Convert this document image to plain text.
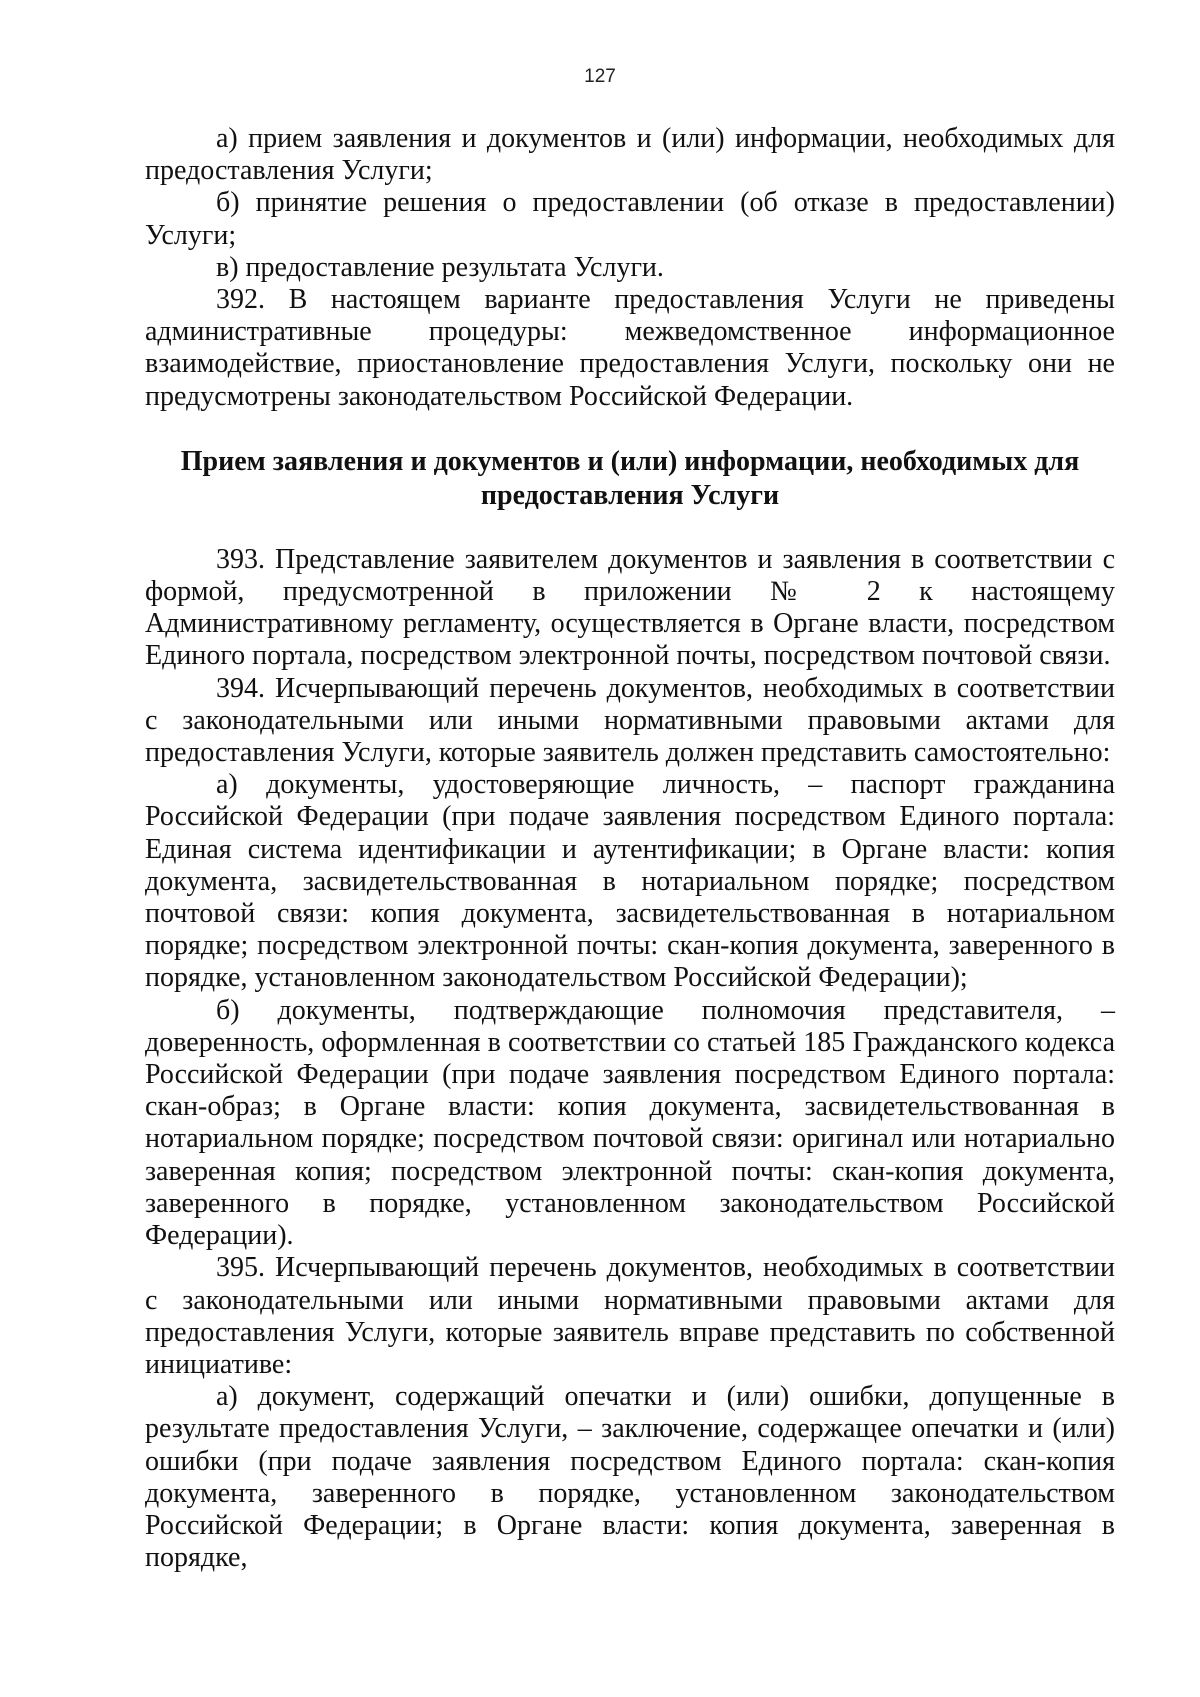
127

а) прием заявления и документов и (или) информации, необходимых для предоставления Услуги;

б) принятие решения о предоставлении (об отказе в предоставлении) Услуги;

в) предоставление результата Услуги.

392. В настоящем варианте предоставления Услуги не приведены административные процедуры: межведомственное информационное взаимодействие, приостановление предоставления Услуги, поскольку они не предусмотрены законодательством Российской Федерации.

Прием заявления и документов и (или) информации, необходимых для предоставления Услуги

393. Представление заявителем документов и заявления в соответствии с формой, предусмотренной в приложении № 2 к настоящему Административному регламенту, осуществляется в Органе власти, посредством Единого портала, посредством электронной почты, посредством почтовой связи.

394. Исчерпывающий перечень документов, необходимых в соответствии с законодательными или иными нормативными правовыми актами для предоставления Услуги, которые заявитель должен представить самостоятельно:

а) документы, удостоверяющие личность, – паспорт гражданина Российской Федерации (при подаче заявления посредством Единого портала: Единая система идентификации и аутентификации; в Органе власти: копия документа, засвидетельствованная в нотариальном порядке; посредством почтовой связи: копия документа, засвидетельствованная в нотариальном порядке; посредством электронной почты: скан-копия документа, заверенного в порядке, установленном законодательством Российской Федерации);

б) документы, подтверждающие полномочия представителя, – доверенность, оформленная в соответствии со статьей 185 Гражданского кодекса Российской Федерации (при подаче заявления посредством Единого портала: скан-образ; в Органе власти: копия документа, засвидетельствованная в нотариальном порядке; посредством почтовой связи: оригинал или нотариально заверенная копия; посредством электронной почты: скан-копия документа, заверенного в порядке, установленном законодательством Российской Федерации).

395. Исчерпывающий перечень документов, необходимых в соответствии с законодательными или иными нормативными правовыми актами для предоставления Услуги, которые заявитель вправе представить по собственной инициативе:

а) документ, содержащий опечатки и (или) ошибки, допущенные в результате предоставления Услуги, – заключение, содержащее опечатки и (или) ошибки (при подаче заявления посредством Единого портала: скан-копия документа, заверенного в порядке, установленном законодательством Российской Федерации; в Органе власти: копия документа, заверенная в порядке,
